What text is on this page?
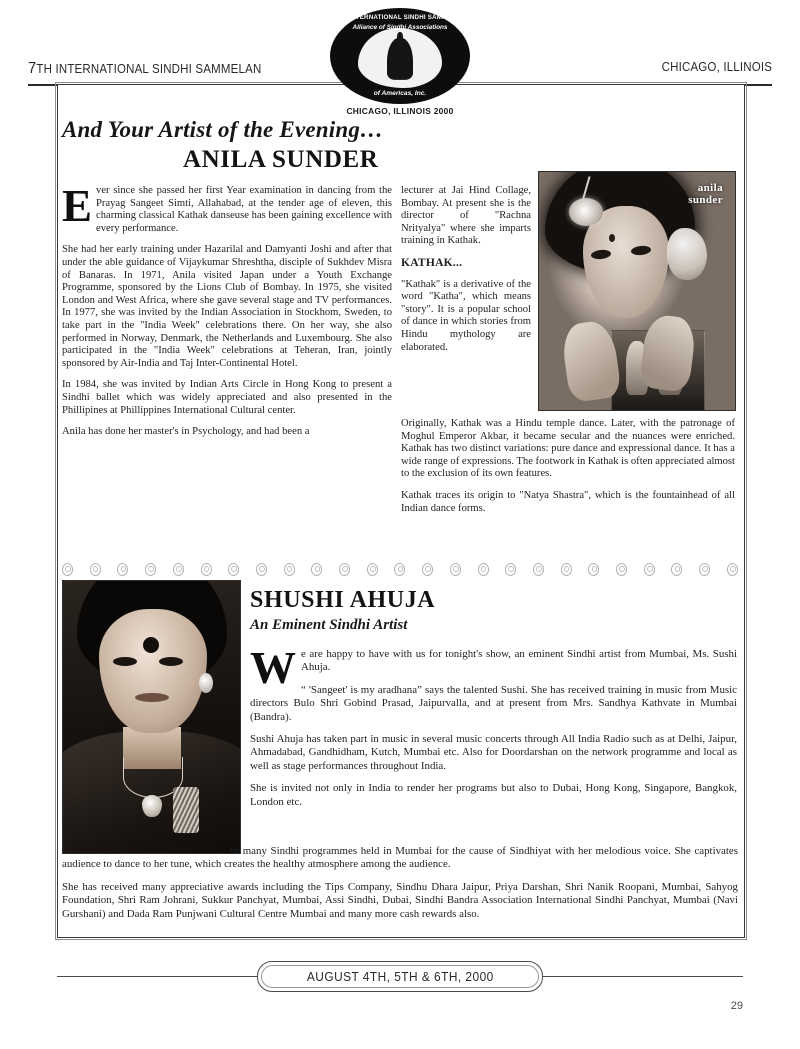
7TH INTERNATIONAL SINDHI SAMMELAN	CHICAGO, ILLINOIS
7TH INTERNATIONAL SINDHI SAMMELAN
Alliance of Sindhi Associations
of Americas, Inc.
CHICAGO, ILLINOIS 2000
And Your Artist of the Evening…
ANILA SUNDER
anila
sunder

Ever since she passed her first Year examination in dancing from the Prayag Sangeet Simti, Allahabad, at the tender age of eleven, this charming classical Kathak danseuse has been gaining excellence with every performance.

She had her early training under Hazarilal and Damyanti Joshi and after that under the able guidance of Vijaykumar Shreshtha, disciple of Sukhdev Misra of Banaras. In 1971, Anila visited Japan under a Youth Exchange Programme, sponsored by the Lions Club of Bombay. In 1975, she visited London and West Africa, where she gave several stage and TV performances. In 1977, she was invited by the Indian Association in Stockhom, Sweden, to take part in the "India Week" celebrations there. On her way, she also performed in Norway, Denmark, the Netherlands and Luxembourg. She also participated in the "India Week" celebrations at Teheran, Iran, jointly sponsored by Air-India and Taj Inter-Continental Hotel.

In 1984, she was invited by Indian Arts Circle in Hong Kong to present a Sindhi ballet which was widely appreciated and also presented in the Phillipines at Phillippines International Cultural center.

Anila has done her master's in Psychology, and had been a

lecturer at Jai Hind Collage, Bombay. At present she is the director of "Rachna Nrityalya" where she imparts training in Kathak.

KATHAK...

"Kathak" is a derivative of the word "Katha", which means "story". It is a popular school of dance in which stories from Hindu mythology are elaborated.

Originally, Kathak was a Hindu temple dance. Later, with the patronage of Moghul Emperor Akbar, it became secular and the nuances were enriched. Kathak has two distinct variations: pure dance and expressional dance. It has a wide range of expressions. The footwork in Kathak is often appreciated almost to the exclusion of its own features.

Kathak traces its origin to "Natya Shastra", which is the fountainhead of all Indian dance forms.

SHUSHI AHUJA
An Eminent Sindhi Artist

We are happy to have with us for tonight's show, an eminent Sindhi artist from Mumbai, Ms. Sushi Ahuja.

“ 'Sangeet' is my aradhana” says the talented Sushi. She has received training in music from Music directors Bulo Shri Gobind Prasad, Jaipurvalla, and at present from Mrs. Sandhya Kathvate in Mumbai (Bandra).

Sushi Ahuja has taken part in music in several music concerts through All India Radio such as at Delhi, Jaipur, Ahmadabad, Gandhidham, Kutch, Mumbai etc. Also for Doordarshan on the network programme and local as well as stage performances throughout India.

She is invited not only in India to render her programs but also to Dubai, Hong Kong, Singapore, Bangkok, London etc.

In many Sindhi programmes held in Mumbai for the cause of Sindhiyat with her melodious voice. She captivates audience to dance to her tune, which creates the healthy atmosphere among the audience.

She has received many appreciative awards including the Tips Company, Sindhu Dhara Jaipur, Priya Darshan, Shri Nanik Roopani, Mumbai, Sahyog Foundation, Shri Ram Johrani, Sukkur Panchyat, Mumbai, Assi Sindhi, Dubai, Sindhi Bandra Association International Sindhi Panchyat, Mumbai (Navi Gurshani) and Dada Ram Punjwani Cultural Centre Mumbai and many more cash rewards also.

AUGUST 4TH, 5TH & 6TH, 2000
29
